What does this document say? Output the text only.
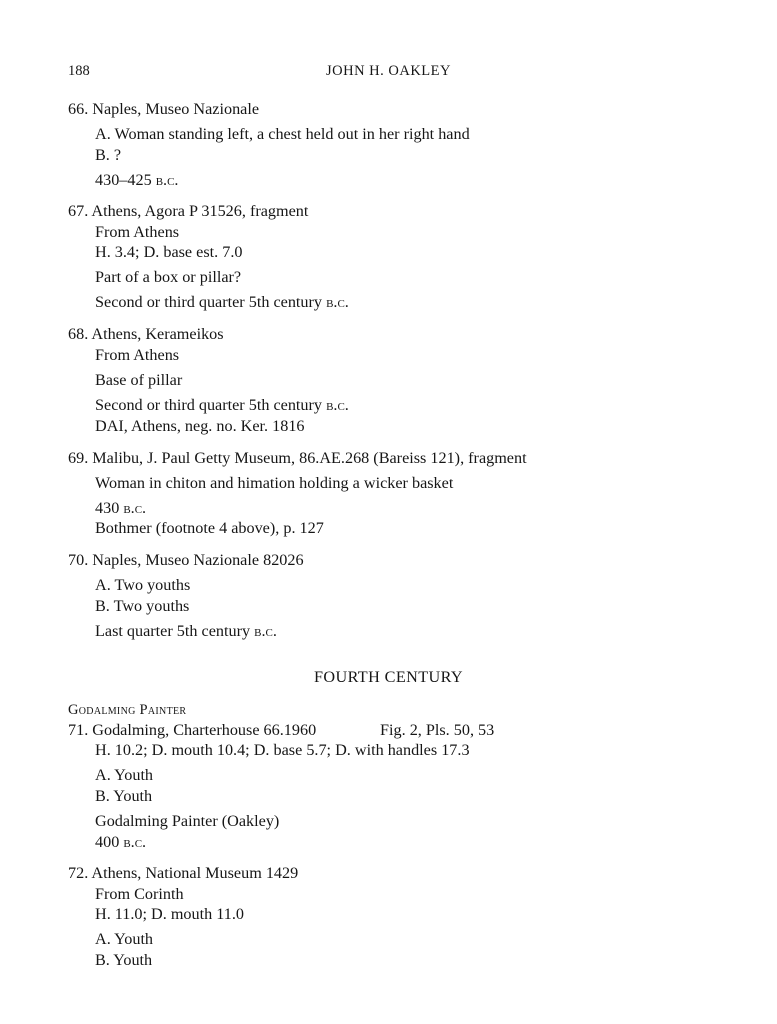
188	JOHN H. OAKLEY
66. Naples, Museo Nazionale
A. Woman standing left, a chest held out in her right hand
B. ?
430–425 b.c.
67. Athens, Agora P 31526, fragment
From Athens
H. 3.4; D. base est. 7.0
Part of a box or pillar?
Second or third quarter 5th century b.c.
68. Athens, Kerameikos
From Athens
Base of pillar
Second or third quarter 5th century b.c.
DAI, Athens, neg. no. Ker. 1816
69. Malibu, J. Paul Getty Museum, 86.AE.268 (Bareiss 121), fragment
Woman in chiton and himation holding a wicker basket
430 b.c.
Bothmer (footnote 4 above), p. 127
70. Naples, Museo Nazionale 82026
A. Two youths
B. Two youths
Last quarter 5th century b.c.
FOURTH CENTURY
Godalming Painter
71. Godalming, Charterhouse 66.1960	Fig. 2, Pls. 50, 53
H. 10.2; D. mouth 10.4; D. base 5.7; D. with handles 17.3
A. Youth
B. Youth
Godalming Painter (Oakley)
400 b.c.
72. Athens, National Museum 1429
From Corinth
H. 11.0; D. mouth 11.0
A. Youth
B. Youth
